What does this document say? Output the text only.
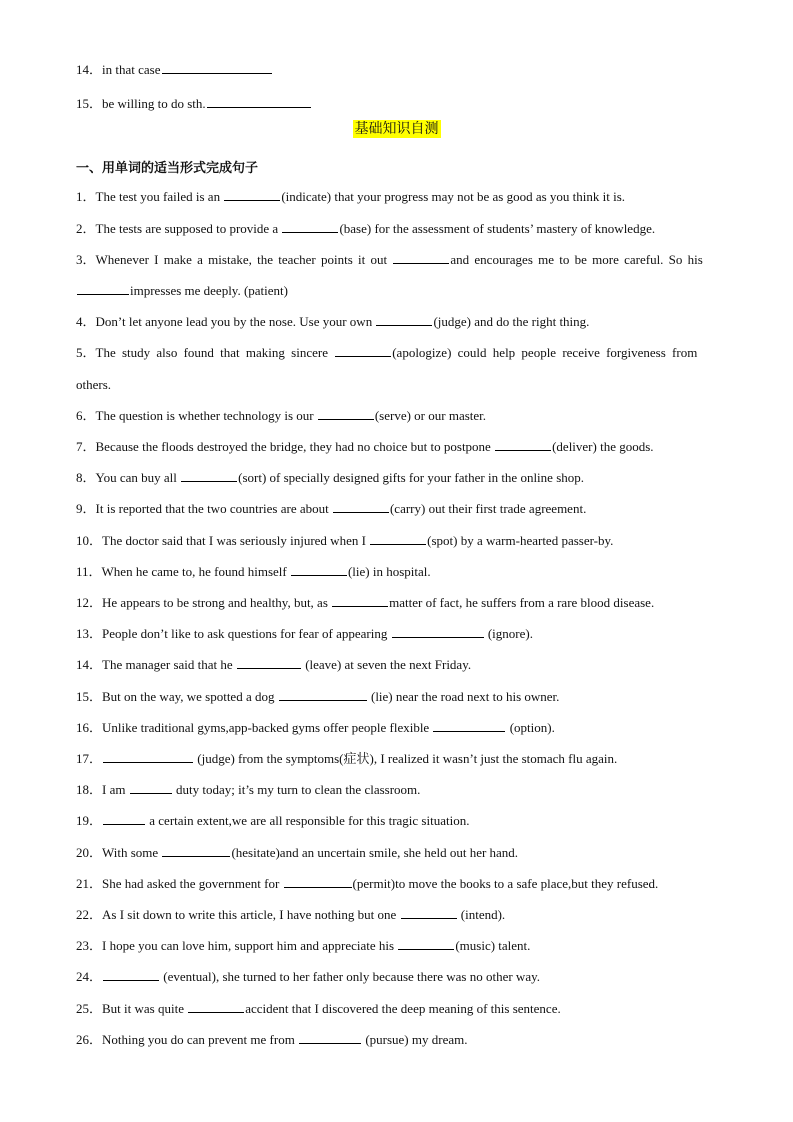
14．in that case
15．be willing to do sth.
基础知识自测
一、用单词的适当形式完成句子
1．The test you failed is an	(indicate) that your progress may not be as good as you think it is.
2．The tests are supposed to provide a	(base) for the assessment of students’ mastery of knowledge.
3．Whenever I make a mistake, the teacher points it out	and encourages me to be more careful. So his
impresses me deeply. (patient)
4．Don’t let anyone lead you by the nose. Use your own	(judge) and do the right thing.
5．The study also found that making sincere	(apologize) could help people receive forgiveness from
others.
6．The question is whether technology is our	(serve) or our master.
7．Because the floods destroyed the bridge, they had no choice but to postpone	(deliver) the goods.
8．You can buy all	(sort) of specially designed gifts for your father in the online shop.
9．It is reported that the two countries are about	(carry) out their first trade agreement.
10．The doctor said that I was seriously injured when I	(spot) by a warm-hearted passer-by.
11．When he came to, he found himself	(lie) in hospital.
12．He appears to be strong and healthy, but, as	matter of fact, he suffers from a rare blood disease.
13．People don’t like to ask questions for fear of appearing	(ignore).
14．The manager said that he	(leave) at seven the next Friday.
15．But on the way, we spotted a dog	(lie) near the road next to his owner.
16．Unlike traditional gyms,app-backed gyms offer people flexible	(option).
17．	(judge) from the symptoms(症状), I realized it wasn’t just the stomach flu again.
18．I am	duty today; it’s my turn to clean the classroom.
19．	a certain extent,we are all responsible for this tragic situation.
20．With some	(hesitate)and an uncertain smile, she held out her hand.
21．She had asked the government for	(permit)to move the books to a safe place,but they refused.
22．As I sit down to write this article, I have nothing but one	(intend).
23．I hope you can love him, support him and appreciate his	(music) talent.
24．	(eventual), she turned to her father only because there was no other way.
25．But it was quite	accident that I discovered the deep meaning of this sentence.
26．Nothing you do can prevent me from	(pursue) my dream.
